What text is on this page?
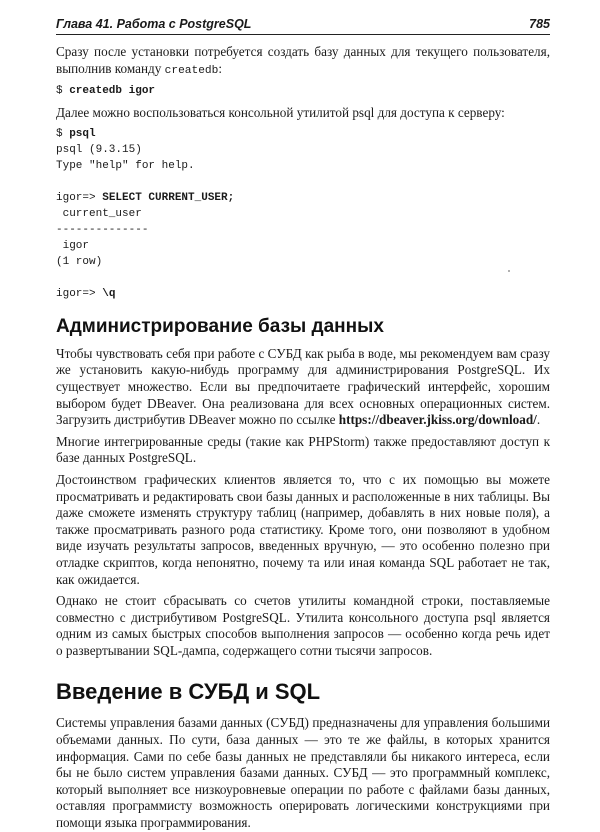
Глава 41. Работа с PostgreSQL	785

Сразу после установки потребуется создать базу данных для текущего пользователя, выполнив команду createdb:

$ createdb igor

Далее можно воспользоваться консольной утилитой psql для доступа к серверу:

$ psql
psql (9.3.15)
Type "help" for help.

igor=> SELECT CURRENT_USER;
current_user
--------------
igor
(1 row)

igor=> \q
Администрирование базы данных

Чтобы чувствовать себя при работе с СУБД как рыба в воде, мы рекомендуем вам сразу же установить какую-нибудь программу для администрирования PostgreSQL. Их существует множество. Если вы предпочитаете графический интерфейс, хорошим выбором будет DBeaver. Она реализована для всех основных операционных систем. Загрузить дистрибутив DBeaver можно по ссылке https://dbeaver.jkiss.org/download/.

Многие интегрированные среды (такие как PHPStorm) также предоставляют доступ к базе данных PostgreSQL.

Достоинством графических клиентов является то, что с их помощью вы можете просматривать и редактировать свои базы данных и расположенные в них таблицы. Вы даже сможете изменять структуру таблиц (например, добавлять в них новые поля), а также просматривать разного рода статистику. Кроме того, они позволяют в удобном виде изучать результаты запросов, введенных вручную, — это особенно полезно при отладке скриптов, когда непонятно, почему та или иная команда SQL работает не так, как ожидается.

Однако не стоит сбрасывать со счетов утилиты командной строки, поставляемые совместно с дистрибутивом PostgreSQL. Утилита консольного доступа psql является одним из самых быстрых способов выполнения запросов — особенно когда речь идет о развертывании SQL-дампа, содержащего сотни тысячи запросов.

Введение в СУБД и SQL

Системы управления базами данных (СУБД) предназначены для управления большими объемами данных. По сути, база данных — это те же файлы, в которых хранится информация. Сами по себе базы данных не представляли бы никакого интереса, если бы не было систем управления базами данных. СУБД — это программный комплекс, который выполняет все низкоуровневые операции по работе с файлами базы данных, оставляя программисту возможность оперировать логическими конструкциями при помощи языка программирования.
